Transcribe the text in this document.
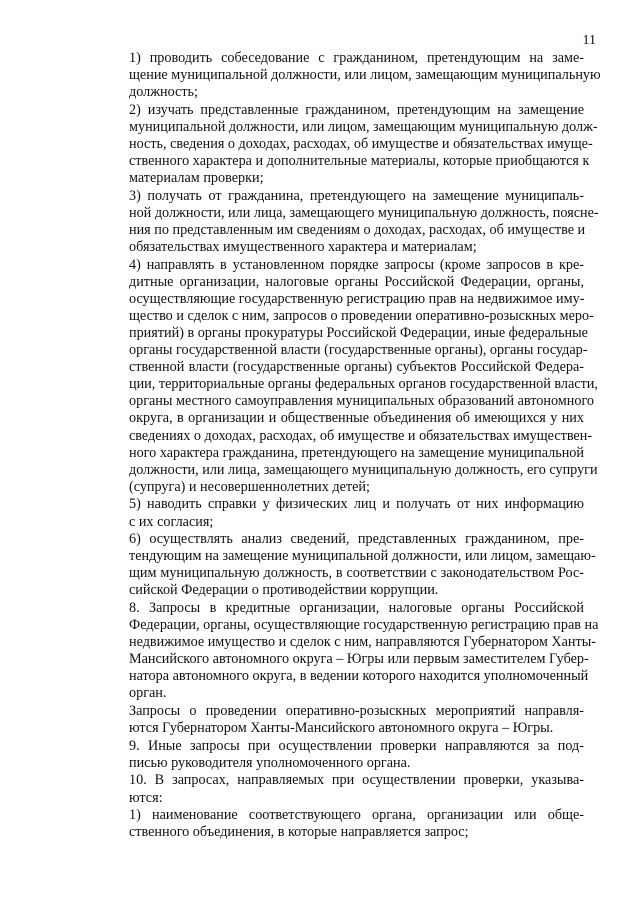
11

1) проводить собеседование с гражданином, претендующим на заме-
щение муниципальной должности, или лицом, замещающим муниципальную
должность;

2) изучать представленные гражданином, претендующим на замещение
муниципальной должности, или лицом, замещающим муниципальную долж-
ность, сведения о доходах, расходах, об имуществе и обязательствах имуще-
ственного характера и дополнительные материалы, которые приобщаются к
материалам проверки;

3) получать от гражданина, претендующего на замещение муниципаль-
ной должности, или лица, замещающего муниципальную должность, поясне-
ния по представленным им сведениям о доходах, расходах, об имуществе и
обязательствах имущественного характера и материалам;

4) направлять в установленном порядке запросы (кроме запросов в кре-
дитные организации, налоговые органы Российской Федерации, органы,
осуществляющие государственную регистрацию прав на недвижимое иму-
щество и сделок с ним, запросов о проведении оперативно-розыскных меро-
приятий) в органы прокуратуры Российской Федерации, иные федеральные
органы государственной власти (государственные органы), органы государ-
ственной власти (государственные органы) субъектов Российской Федера-
ции, территориальные органы федеральных органов государственной власти,
органы местного самоуправления муниципальных образований автономного
округа, в организации и общественные объединения об имеющихся у них
сведениях о доходах, расходах, об имуществе и обязательствах имуществен-
ного характера гражданина, претендующего на замещение муниципальной
должности, или лица, замещающего муниципальную должность, его супруги
(супруга) и несовершеннолетних детей;

5) наводить справки у физических лиц и получать от них информацию
с их согласия;

6) осуществлять анализ сведений, представленных гражданином, пре-
тендующим на замещение муниципальной должности, или лицом, замещаю-
щим муниципальную должность, в соответствии с законодательством Рос-
сийской Федерации о противодействии коррупции.

8. Запросы в кредитные организации, налоговые органы Российской
Федерации, органы, осуществляющие государственную регистрацию прав на
недвижимое имущество и сделок с ним, направляются Губернатором Ханты-
Мансийского автономного округа – Югры или первым заместителем Губер-
натора автономного округа, в ведении которого находится уполномоченный
орган.

Запросы о проведении оперативно-розыскных мероприятий направля-
ются Губернатором Ханты-Мансийского автономного округа – Югры.

9. Иные запросы при осуществлении проверки направляются за под-
писью руководителя уполномоченного органа.

10. В запросах, направляемых при осуществлении проверки, указыва-
ются:

1) наименование соответствующего органа, организации или обще-
ственного объединения, в которые направляется запрос;
